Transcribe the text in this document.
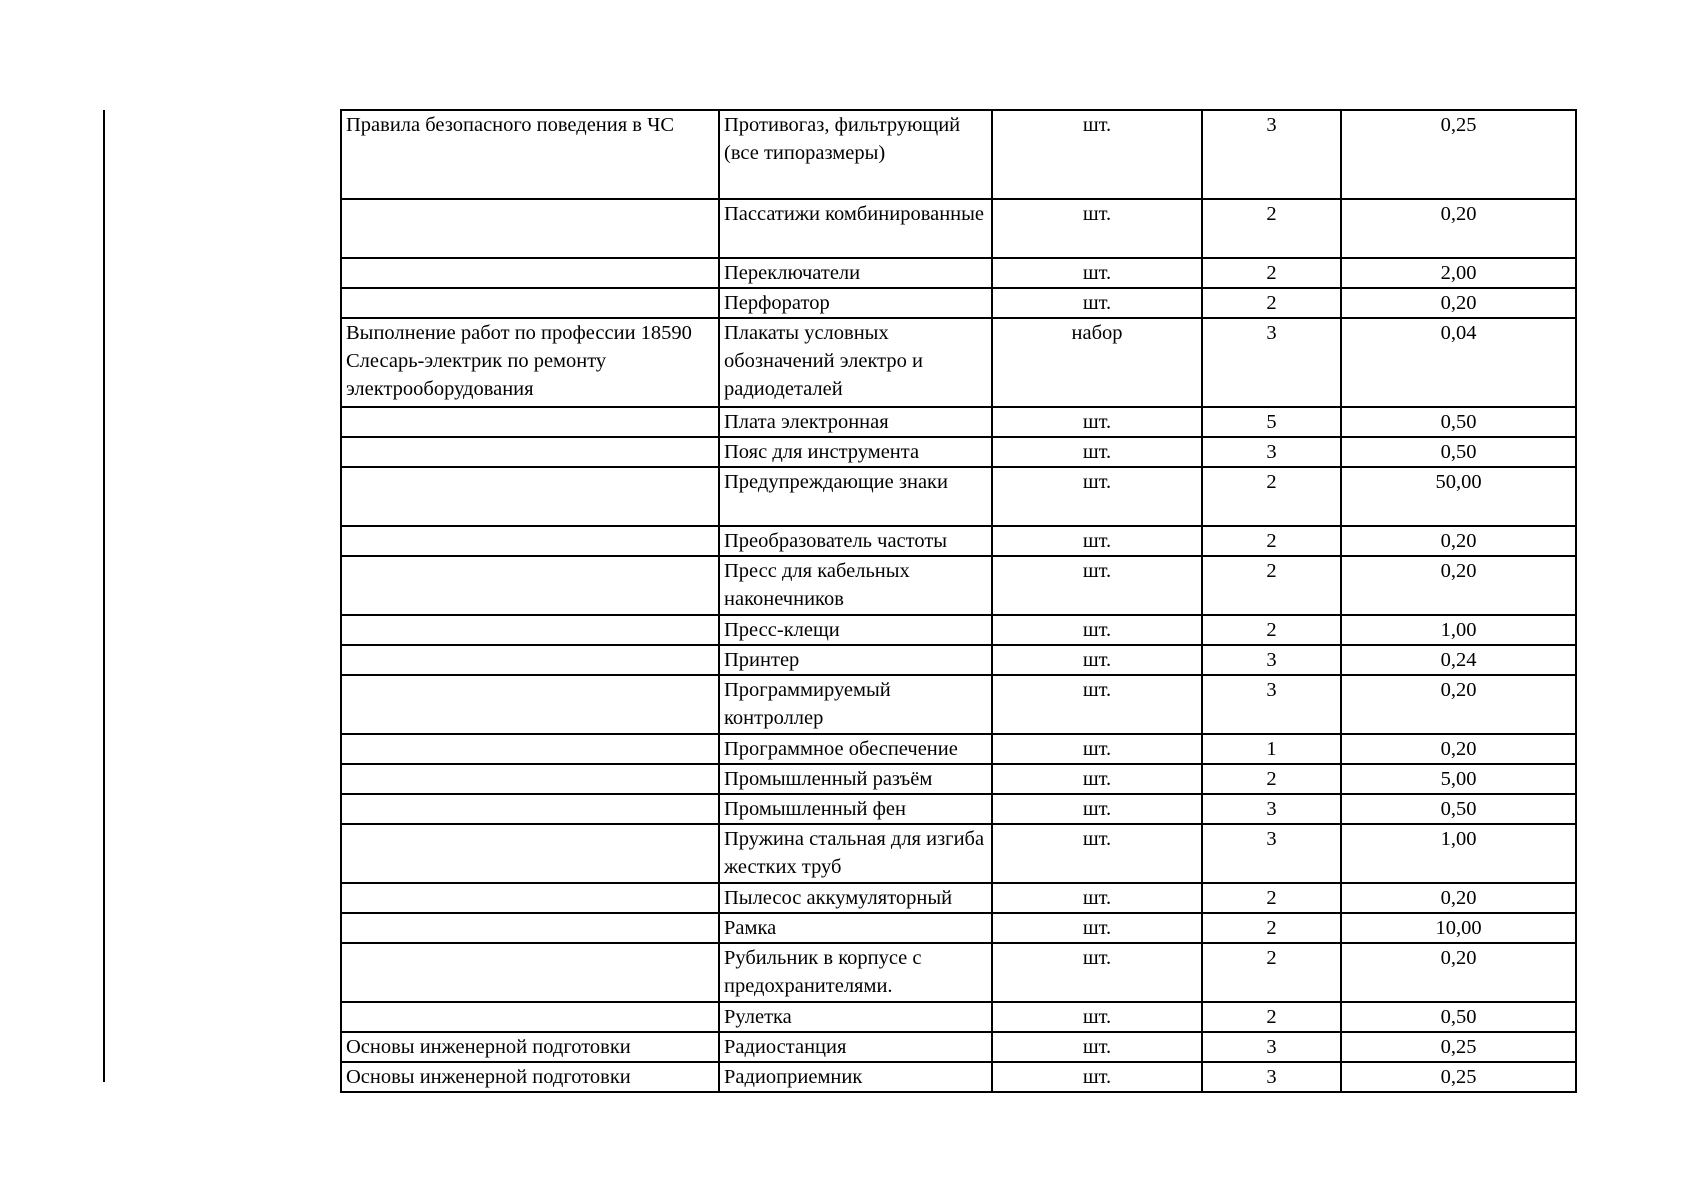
Правила безопасного поведения в ЧС	Противогаз, фильтрующий (все типоразмеры)	шт.	3	0,25
	Пассатижи комбинированные	шт.	2	0,20
	Переключатели	шт.	2	2,00
	Перфоратор	шт.	2	0,20
Выполнение работ по профессии 18590 Слесарь-электрик по ремонту электрооборудования	Плакаты условных обозначений электро и радиодеталей	набор	3	0,04
	Плата электронная	шт.	5	0,50
	Пояс для инструмента	шт.	3	0,50
	Предупреждающие знаки	шт.	2	50,00
	Преобразователь частоты	шт.	2	0,20
	Пресс для кабельных наконечников	шт.	2	0,20
	Пресс-клещи	шт.	2	1,00
	Принтер	шт.	3	0,24
	Программируемый контроллер	шт.	3	0,20
	Программное обеспечение	шт.	1	0,20
	Промышленный разъём	шт.	2	5,00
	Промышленный фен	шт.	3	0,50
	Пружина стальная для изгиба жестких труб	шт.	3	1,00
	Пылесос аккумуляторный	шт.	2	0,20
	Рамка	шт.	2	10,00
	Рубильник в корпусе с предохранителями.	шт.	2	0,20
	Рулетка	шт.	2	0,50
Основы инженерной подготовки	Радиостанция	шт.	3	0,25
Основы инженерной подготовки	Радиоприемник	шт.	3	0,25
